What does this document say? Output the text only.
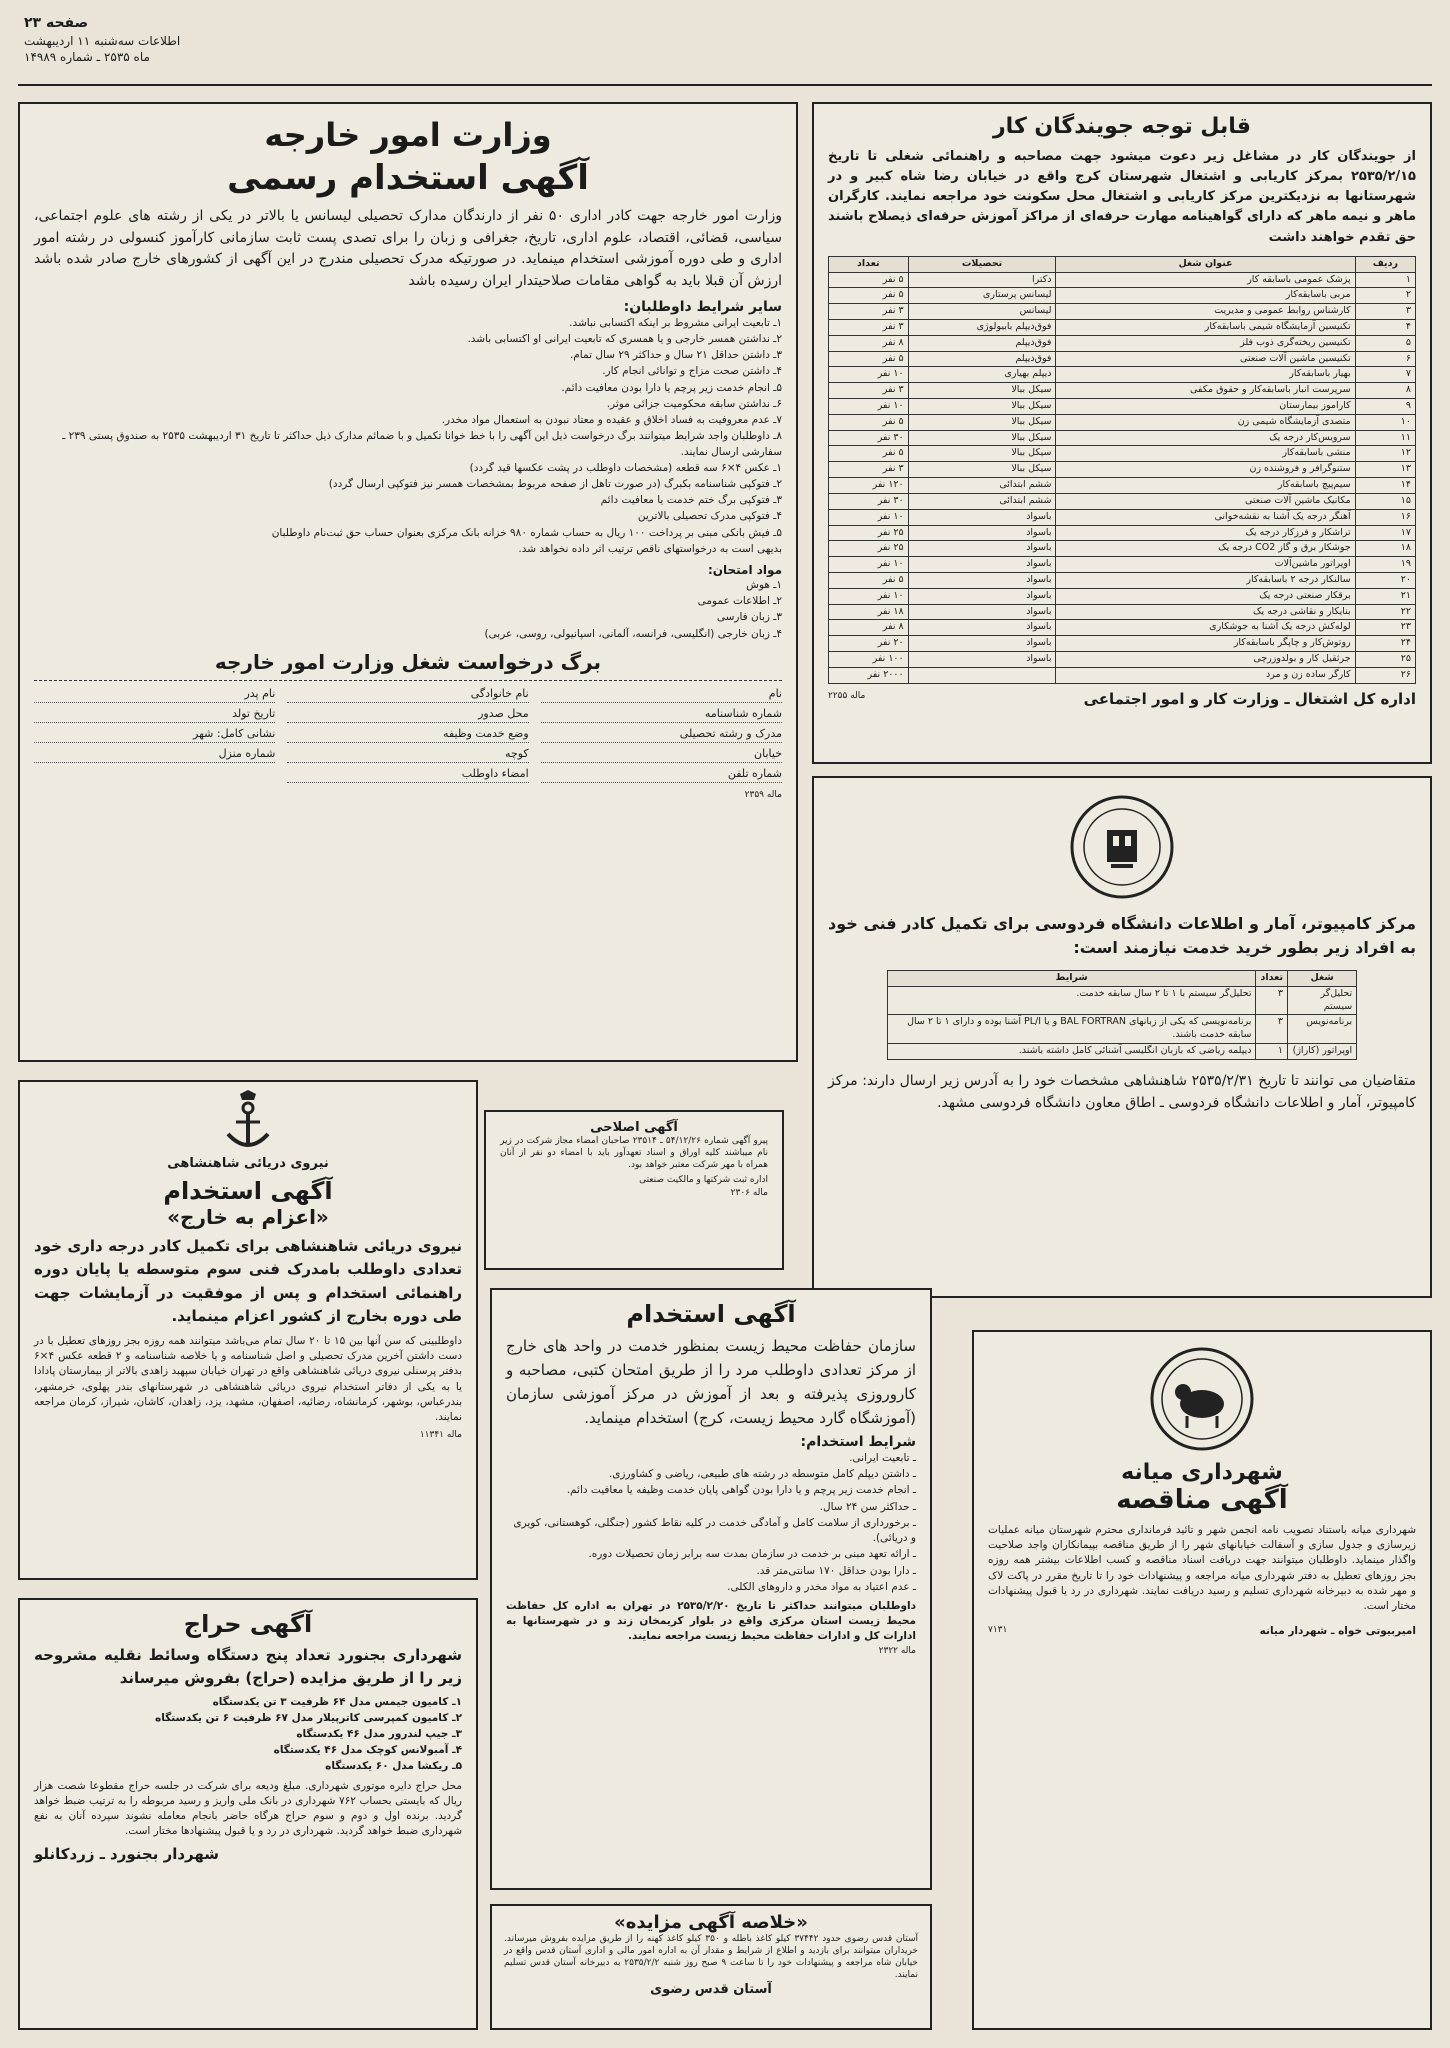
صفحه ۲۳
اطلاعات سه‌شنبه ۱۱ اردیبهشت
ماه ۲۵۳۵ ـ شماره ۱۴۹۸۹
قابل توجه جویندگان کار
از جویندگان کار در مشاغل زیر دعوت میشود جهت مصاحبه و راهنمائی شغلی تا تاریخ ۲۵۳۵/۲/۱۵ بمرکز کاریابی و اشتغال شهرستان کرج واقع در خیابان رضا شاه کبیر و در شهرستانها به نزدیکترین مرکز کاریابی و اشتغال محل سکونت خود مراجعه نمایند. کارگران ماهر و نیمه ماهر که دارای گواهینامه مهارت حرفه‌ای از مراکز آموزش حرفه‌ای ذیصلاح باشند حق تقدم خواهند داشت
ردیف	عنوان شغل	تحصیلات	تعداد
۱	پزشک عمومی باسابقه کار	دکترا	۵ نفر
۲	مربی باسابقه‌کار	لیسانس پرستاری	۵ نفر
۳	کارشناس روابط عمومی و مدیریت	لیسانس	۳ نفر
۴	تکنیسین آزمایشگاه شیمی باسابقه‌کار	فوق‌دیپلم بابیولوژی	۳ نفر
۵	تکنیسین ریخته‌گری ذوب فلز	فوق‌دیپلم	۸ نفر
۶	تکنیسین ماشین آلات صنعتی	فوق‌دیپلم	۵ نفر
۷	بهیار باسابقه‌کار	دیپلم بهیاری	۱۰ نفر
۸	سرپرست انبار باسابقه‌کار و حقوق مکفی	سیکل ببالا	۳ نفر
۹	کاراموز بیمارستان	سیکل ببالا	۱۰ نفر
۱۰	متصدی آزمایشگاه شیمی زن	سیکل ببالا	۵ نفر
۱۱	سرویس‌کار درجه یک	سیکل ببالا	۳۰ نفر
۱۲	منشی باسابقه‌کار	سیکل ببالا	۵ نفر
۱۳	ستنوگرافر و فروشنده زن	سیکل ببالا	۳ نفر
۱۴	سیم‌پیچ باسابقه‌کار	ششم ابتدائی	۱۲۰ نفر
۱۵	مکانیک ماشین آلات صنعتی	ششم ابتدائی	۳۰ نفر
۱۶	آهنگر درجه یک آشنا به نقشه‌خوانی	باسواد	۱۰ نفر
۱۷	تراشکار و فرزکار درجه یک	باسواد	۲۵ نفر
۱۸	جوشکار برق و گاز CO2 درجه یک	باسواد	۲۵ نفر
۱۹	اوپراتور ماشین‌آلات	باسواد	۱۰ نفر
۲۰	سالنکار درجه ۲ باسابقه‌کار	باسواد	۵ نفر
۲۱	برقکار صنعتی درجه یک	باسواد	۱۰ نفر
۲۲	بنایکار و نقاشی درجه یک	باسواد	۱۸ نفر
۲۳	لوله‌کش درجه یک آشنا به جوشکاری	باسواد	۸ نفر
۲۴	روتوش‌کار و چاپگر باسابقه‌کار	باسواد	۲۰ نفر
۲۵	جرثقیل کار و بولدوزرچی	باسواد	۱۰۰ نفر
۲۶	کارگر ساده زن و مرد		۲۰۰۰ نفر
اداره کل اشتغال ـ وزارت کار و امور اجتماعی
ماله ۲۲۵۵
وزارت امور خارجه
آگهی استخدام رسمی
وزارت امور خارجه جهت کادر اداری ۵۰ نفر از دارندگان مدارک تحصیلی لیسانس یا بالاتر در یکی از رشته های علوم اجتماعی، سیاسی، قضائی، اقتصاد، علوم اداری، تاریخ، جغرافی و زبان را برای تصدی پست ثابت سازمانی کارآموز کنسولی در رشته امور اداری و طی دوره آموزشی استخدام مینماید. در صورتیکه مدرک تحصیلی مندرج در این آگهی از کشورهای خارج صادر شده باشد ارزش آن قبلا باید به گواهی مقامات صلاحیتدار ایران رسیده باشد
سایر شرایط داوطلبان:
۱ـ تابعیت ایرانی مشروط بر اینکه اکتسابی نباشد.
۲ـ نداشتن همسر خارجی و یا همسری که تابعیت ایرانی او اکتسابی باشد.
۳ـ داشتن حداقل ۲۱ سال و حداکثر ۲۹ سال تمام.
۴ـ داشتن صحت مزاج و توانائی انجام کار.
۵ـ انجام خدمت زیر پرچم یا دارا بودن معافیت دائم.
۶ـ نداشتن سابقه محکومیت جزائی موثر.
۷ـ عدم معروفیت به فساد اخلاق و عقیده و معتاد نبودن به استعمال مواد مخدر.
۸ـ داوطلبان واجد شرایط میتوانند برگ درخواست ذیل این آگهی را با خط خوانا تکمیل و با ضمائم مدارک ذیل حداکثر تا تاریخ ۳۱ اردیبهشت ۲۵۳۵ به صندوق پستی ۲۳۹ ـ سفارشی ارسال نمایند.
۱ـ عکس ۴×۶ سه قطعه (مشخصات داوطلب در پشت عکسها قید گردد)
۲ـ فتوکپی شناسنامه بکبرگ (در صورت تاهل از صفحه مربوط بمشخصات همسر نیز فتوکپی ارسال گردد)
۳ـ فتوکپی برگ ختم خدمت یا معافیت دائم
۴ـ فتوکپی مدرک تحصیلی بالاترین
۵ـ فیش بانکی مبنی بر پرداخت ۱۰۰ ریال به حساب شماره ۹۸۰ خزانه بانک مرکزی بعنوان حساب حق ثبت‌نام داوطلبان
بدیهی است به درخواستهای ناقص ترتیب اثر داده نخواهد شد.
مواد امتحان:
۱ـ هوش
۲ـ اطلاعات عمومی
۳ـ زبان فارسی
۴ـ زبان خارجی (انگلیسی، فرانسه، آلمانی، اسپانیولی، روسی، عربی)
برگ درخواست شغل وزارت امور خارجه
نام
نام خانوادگی
نام پدر
شماره شناسنامه
محل صدور
تاریخ تولد
مدرک و رشته تحصیلی
وضع خدمت وظیفه
نشانی کامل: شهر
خیابان
کوچه
شماره منزل
شماره تلفن
امضاء داوطلب
ماله ۲۳۵۹
مرکز کامپیوتر، آمار و اطلاعات دانشگاه فردوسی برای تکمیل کادر فنی خود به افراد زیر بطور خرید خدمت نیازمند است:
شغل	تعداد	شرایط
تحلیل‌گر سیستم	۳	تحلیل‌گر سیستم با ۱ تا ۲ سال سابقه خدمت.
برنامه‌نویس	۳	برنامه‌نویسی که یکی از زبانهای BAL FORTRAN و یا PL/I آشنا بوده و دارای ۱ تا ۲ سال سابقه خدمت باشند.
اوپراتور (کاراژ)	۱	دیپلمه ریاضی که بازبان انگلیسی آشنائی کامل داشته باشند.
متقاضیان می توانند تا تاریخ ۲۵۳۵/۲/۳۱ شاهنشاهی مشخصات خود را به آدرس زیر ارسال دارند: مرکز کامپیوتر، آمار و اطلاعات دانشگاه فردوسی ـ اطاق معاون دانشگاه فردوسی مشهد.
آگهی اصلاحی
پیرو آگهی شماره ۵۴/۱۲/۲۶ ـ ۲۳۵۱۴ صاحبان امضاء مجاز شرکت در زیر نام میباشند کلیه اوراق و اسناد تعهدآور باید با امضاء دو نفر از آنان همراه با مهر شرکت معتبر خواهد بود.
اداره ثبت شرکتها و مالکیت صنعتی
ماله ۲۳۰۶
نیروی دریائی شاهنشاهی
آگهی استخدام
«اعزام به خارج»
نیروی دریائی شاهنشاهی برای تکمیل کادر درجه داری خود تعدادی داوطلب بامدرک فنی سوم متوسطه یا پایان دوره راهنمائی استخدام و پس از موفقیت در آزمایشات جهت طی دوره بخارج از کشور اعزام مینماید.
داوطلبینی که سن آنها بین ۱۵ تا ۲۰ سال تمام می‌باشد میتوانند همه روزه بجز روزهای تعطیل با در دست داشتن آخرین مدرک تحصیلی و اصل شناسنامه و یا خلاصه شناسنامه و ۲ قطعه عکس ۴×۶ بدفتر پرسنلی نیروی دریائی شاهنشاهی واقع در تهران خیابان سپهبد زاهدی بالاتر از بیمارستان پادادا یا به یکی از دفاتر استخدام نیروی دریائی شاهنشاهی در شهرستانهای بندر پهلوی، خرمشهر، بندرعباس، بوشهر، کرمانشاه، رضائیه، اصفهان، مشهد، یزد، زاهدان، کاشان، شیراز، کرمان مراجعه نمایند.
ماله ۱۱۳۴۱
آگهی استخدام
سازمان حفاظت محیط زیست بمنظور خدمت در واحد های خارج از مرکز تعدادی داوطلب مرد را از طریق امتحان کتبی، مصاحبه و کاروروزی پذیرفته و بعد از آموزش در مرکز آموزشی سازمان (آموزشگاه گارد محیط زیست، کرج) استخدام مینماید.
شرایط استخدام:
ـ تابعیت ایرانی.
ـ داشتن دیپلم کامل متوسطه در رشته های طبیعی، ریاضی و کشاورزی.
ـ انجام خدمت زیر پرچم و یا دارا بودن گواهی پایان خدمت وظیفه یا معافیت دائم.
ـ حداکثر سن ۲۴ سال.
ـ برخورداری از سلامت کامل و آمادگی خدمت در کلیه نقاط کشور (جنگلی، کوهستانی، کویری و دریائی).
ـ ارائه تعهد مبنی بر خدمت در سازمان بمدت سه برابر زمان تحصیلات دوره.
ـ دارا بودن حداقل ۱۷۰ سانتی‌متر قد.
ـ عدم اعتیاد به مواد مخدر و داروهای الکلی.
داوطلبان میتوانند حداکثر تا تاریخ ۲۵۳۵/۲/۲۰ در تهران به اداره کل حفاظت محیط زیست استان مرکزی واقع در بلوار کریمخان زند و در شهرستانها به ادارات کل و ادارات حفاظت محیط زیست مراجعه نمایند.
ماله ۲۳۲۲
شهرداری میانه
آگهی مناقصه
شهرداری میانه باستناد تصویب نامه انجمن شهر و تائید فرمانداری محترم شهرستان میانه عملیات زیرسازی و جدول سازی و آسفالت خیابانهای شهر را از طریق مناقصه بپیمانکاران واجد صلاحیت واگذار مینماید. داوطلبان میتوانند جهت دریافت اسناد مناقصه و کسب اطلاعات بیشتر همه روزه بجز روزهای تعطیل به دفتر شهرداری میانه مراجعه و پیشنهادات خود را تا تاریخ مقرر در پاکت لاک و مهر شده به دبیرخانه شهرداری تسلیم و رسید دریافت نمایند. شهرداری در رد یا قبول پیشنهادات مختار است.
امیربیوتی خواه ـ شهردار میانه
۷۱۳۱
آگهی حراج
شهرداری بجنورد تعداد پنج دستگاه وسائط نقلیه مشروحه زیر را از طریق مزایده (حراج) بفروش میرساند
۱ـ کامیون جیمس مدل ۶۴ ظرفیت ۳ تن یکدستگاه
۲ـ کامیون کمپرسی کاترپیلار مدل ۶۷ ظرفیت ۶ تن یکدستگاه
۳ـ جیپ لندرور مدل ۴۶ یکدستگاه
۴ـ آمبولانس کوچک مدل ۴۶ یکدستگاه
۵ـ ریکشا مدل ۶۰ یکدستگاه
محل حراج دایره موتوری شهرداری. مبلغ ودیعه برای شرکت در جلسه حراج مقطوعا شصت هزار ریال که بایستی بحساب ۷۶۲ شهرداری در بانک ملی واریز و رسید مربوطه را به ترتیب ضبط خواهد گردید. برنده اول و دوم و سوم حراج هرگاه حاضر بانجام معامله نشوند سپرده آنان به نفع شهرداری ضبط خواهد گردید. شهرداری در رد و یا قبول پیشنهادها مختار است.
شهردار بجنورد ـ زردکانلو
«خلاصه آگهی مزایده»
آستان قدس رضوی حدود ۳۷۴۴۲ کیلو کاغذ باطله و ۳۵۰ کیلو کاغذ کهنه را از طریق مزایده بفروش میرساند. خریداران میتوانند برای بازدید و اطلاع از شرایط و مقدار آن به اداره امور مالی و اداری آستان قدس واقع در خیابان شاه مراجعه و پیشنهادات خود را تا ساعت ۹ صبح روز شنبه ۲۵۳۵/۲/۲ به دبیرخانه آستان قدس تسلیم نمایند.
آستان قدس رضوی
